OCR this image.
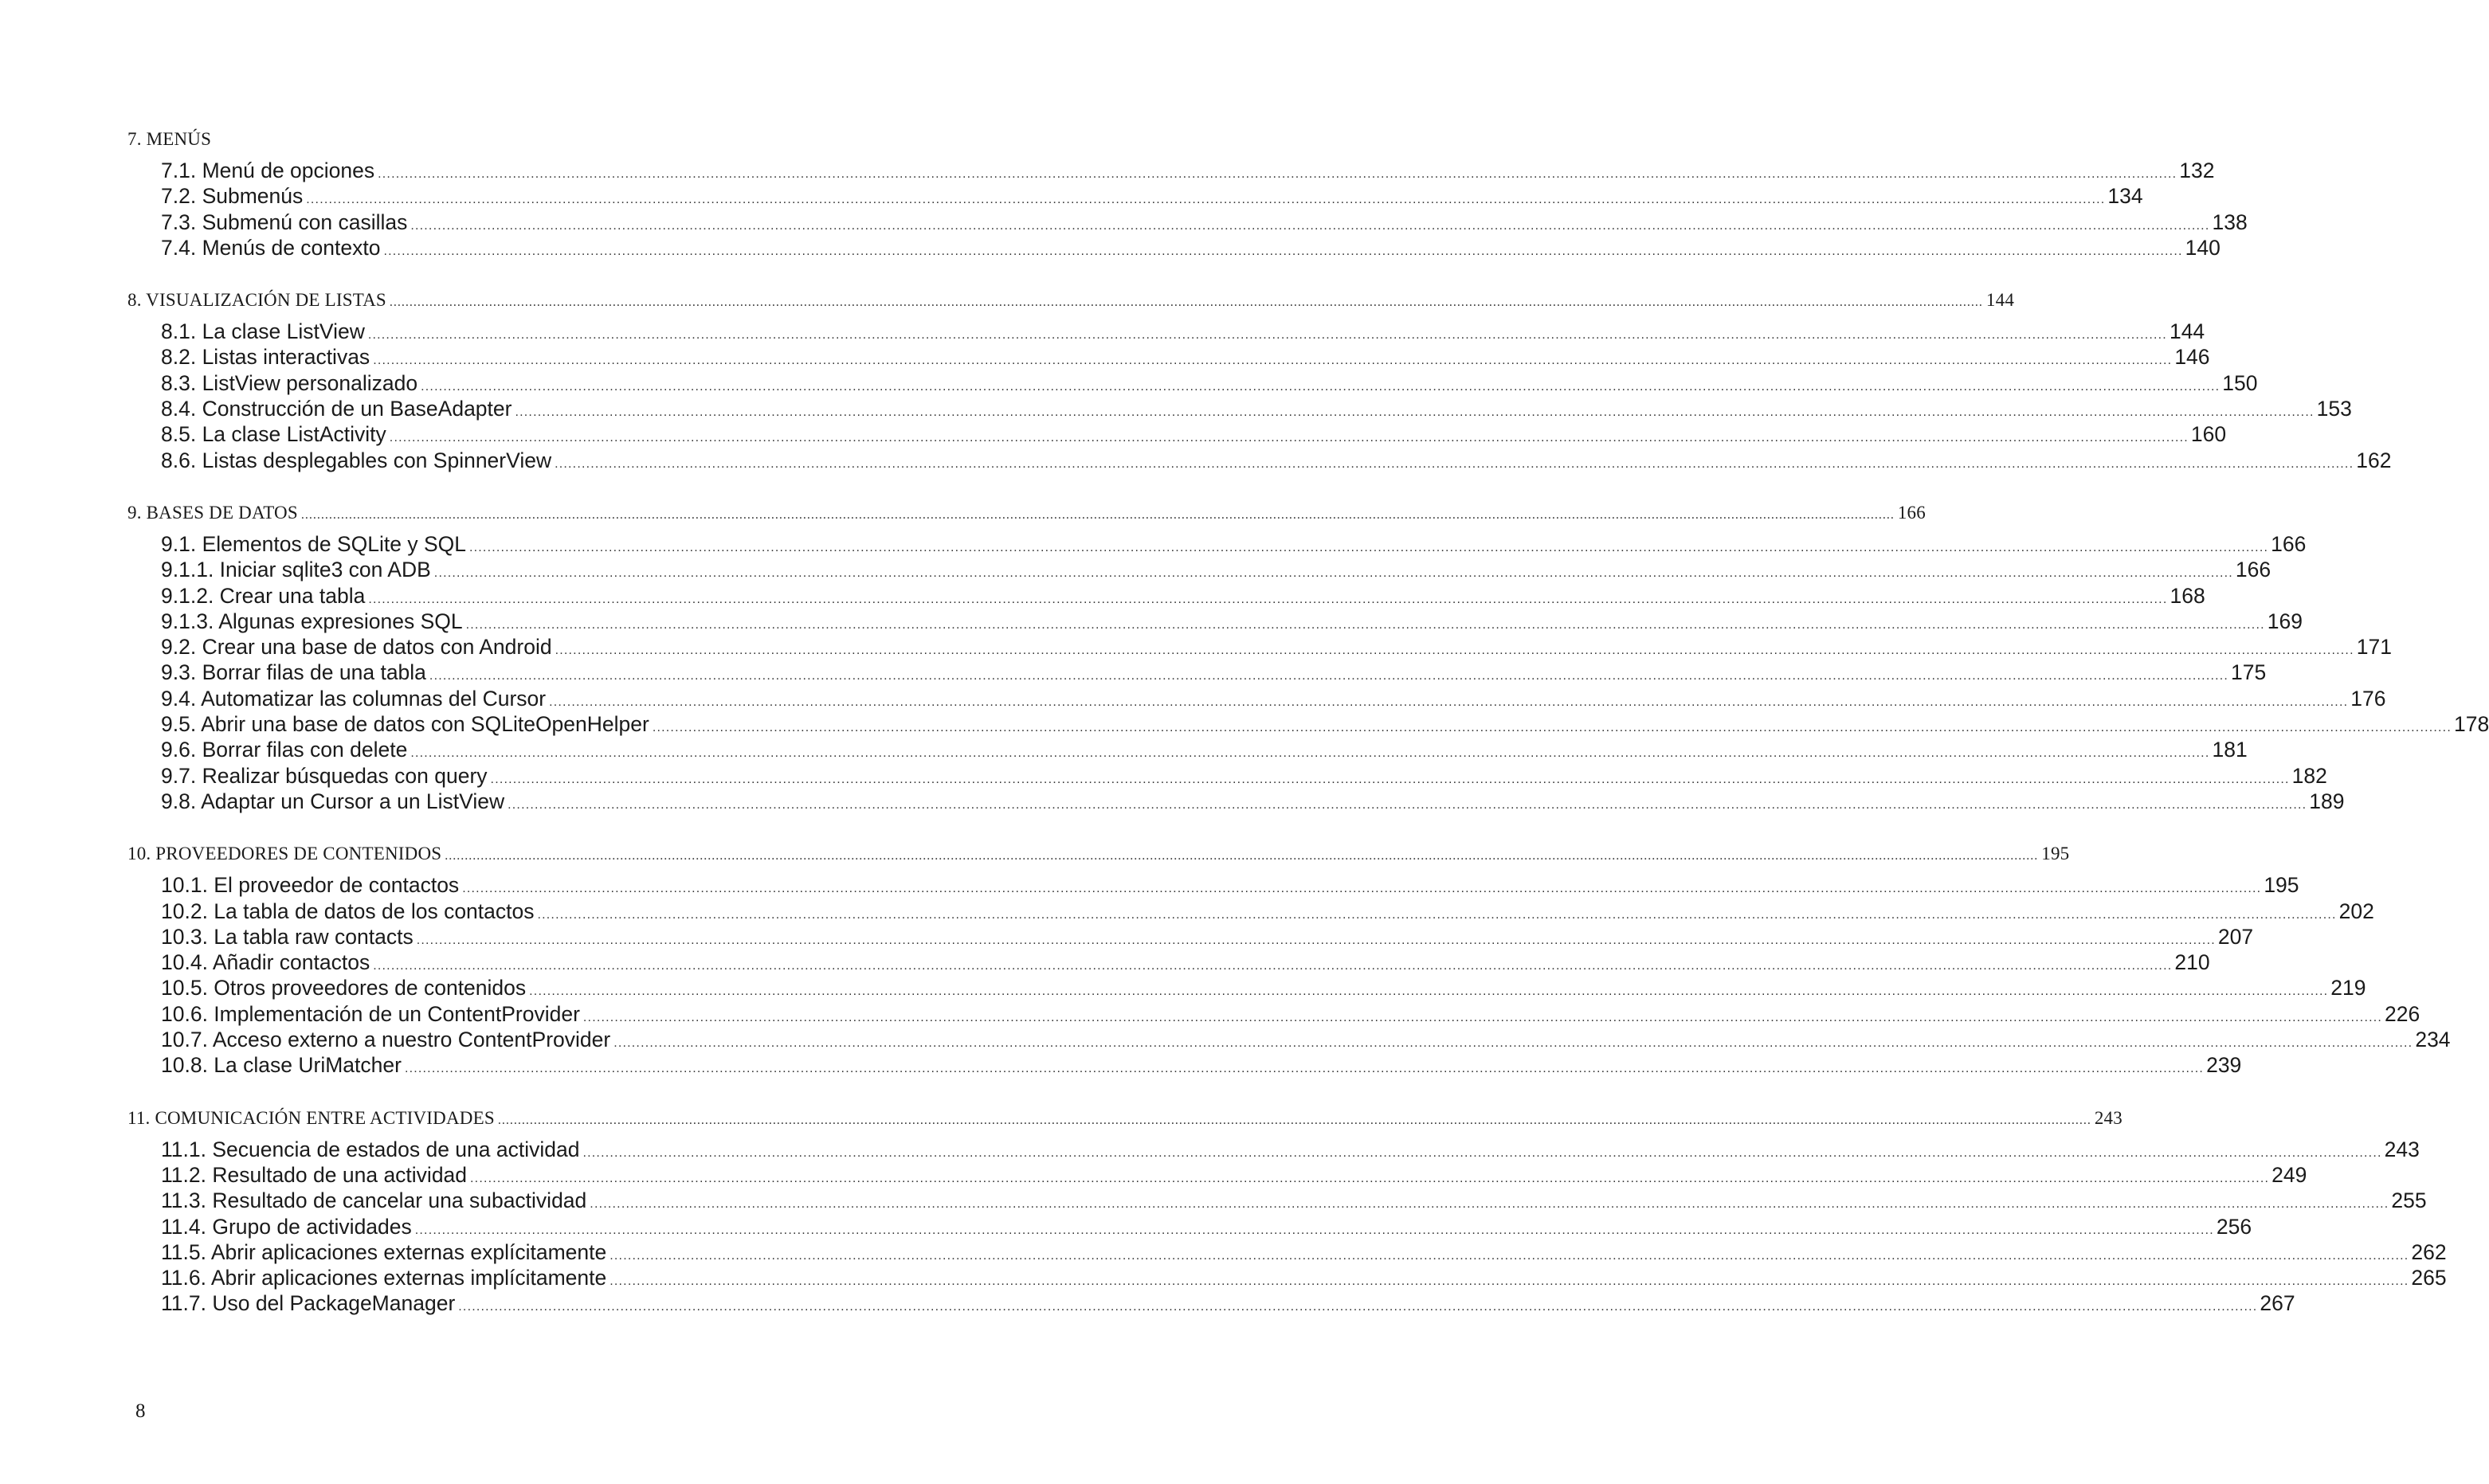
7. MENÚS
7.1. Menú de opciones ................................................................................................................................................................................................................................................................................................................................................................................................................ 132
7.2. Submenús ................................................................................................................................................................................................................................................................................................................................................................................................................ 134
7.3. Submenú con casillas ................................................................................................................................................................................................................................................................................................................................................................................................................ 138
7.4. Menús de contexto ................................................................................................................................................................................................................................................................................................................................................................................................................ 140
8. VISUALIZACIÓN DE LISTAS ................................................................................................................................................................................................................................................................................................................................................................................................................ 144
8.1. La clase ListView ................................................................................................................................................................................................................................................................................................................................................................................................................ 144
8.2. Listas interactivas ................................................................................................................................................................................................................................................................................................................................................................................................................ 146
8.3. ListView personalizado ................................................................................................................................................................................................................................................................................................................................................................................................................ 150
8.4. Construcción de un BaseAdapter ................................................................................................................................................................................................................................................................................................................................................................................................................ 153
8.5. La clase ListActivity ................................................................................................................................................................................................................................................................................................................................................................................................................ 160
8.6. Listas desplegables con SpinnerView ................................................................................................................................................................................................................................................................................................................................................................................................................ 162
9. BASES DE DATOS ................................................................................................................................................................................................................................................................................................................................................................................................................ 166
9.1. Elementos de SQLite y SQL ................................................................................................................................................................................................................................................................................................................................................................................................................ 166
9.1.1. Iniciar sqlite3 con ADB ................................................................................................................................................................................................................................................................................................................................................................................................................ 166
9.1.2. Crear una tabla ................................................................................................................................................................................................................................................................................................................................................................................................................ 168
9.1.3. Algunas expresiones SQL ................................................................................................................................................................................................................................................................................................................................................................................................................ 169
9.2. Crear una base de datos con Android ................................................................................................................................................................................................................................................................................................................................................................................................................ 171
9.3. Borrar filas de una tabla ................................................................................................................................................................................................................................................................................................................................................................................................................ 175
9.4. Automatizar las columnas del Cursor ................................................................................................................................................................................................................................................................................................................................................................................................................ 176
9.5. Abrir una base de datos con SQLiteOpenHelper ................................................................................................................................................................................................................................................................................................................................................................................................................ 178
9.6. Borrar filas con delete ................................................................................................................................................................................................................................................................................................................................................................................................................ 181
9.7. Realizar búsquedas con query ................................................................................................................................................................................................................................................................................................................................................................................................................ 182
9.8. Adaptar un Cursor a un ListView ................................................................................................................................................................................................................................................................................................................................................................................................................ 189
10. PROVEEDORES DE CONTENIDOS ................................................................................................................................................................................................................................................................................................................................................................................................................ 195
10.1. El proveedor de contactos ................................................................................................................................................................................................................................................................................................................................................................................................................ 195
10.2. La tabla de datos de los contactos ................................................................................................................................................................................................................................................................................................................................................................................................................ 202
10.3. La tabla raw contacts ................................................................................................................................................................................................................................................................................................................................................................................................................ 207
10.4. Añadir contactos ................................................................................................................................................................................................................................................................................................................................................................................................................ 210
10.5. Otros proveedores de contenidos ................................................................................................................................................................................................................................................................................................................................................................................................................ 219
10.6. Implementación de un ContentProvider ................................................................................................................................................................................................................................................................................................................................................................................................................ 226
10.7. Acceso externo a nuestro ContentProvider ................................................................................................................................................................................................................................................................................................................................................................................................................ 234
10.8. La clase UriMatcher ................................................................................................................................................................................................................................................................................................................................................................................................................ 239
11. COMUNICACIÓN ENTRE ACTIVIDADES ................................................................................................................................................................................................................................................................................................................................................................................................................ 243
11.1. Secuencia de estados de una actividad ................................................................................................................................................................................................................................................................................................................................................................................................................ 243
11.2. Resultado de una actividad ................................................................................................................................................................................................................................................................................................................................................................................................................ 249
11.3. Resultado de cancelar una subactividad ................................................................................................................................................................................................................................................................................................................................................................................................................ 255
11.4. Grupo de actividades ................................................................................................................................................................................................................................................................................................................................................................................................................ 256
11.5. Abrir aplicaciones externas explícitamente ................................................................................................................................................................................................................................................................................................................................................................................................................ 262
11.6. Abrir aplicaciones externas implícitamente ................................................................................................................................................................................................................................................................................................................................................................................................................ 265
11.7. Uso del PackageManager ................................................................................................................................................................................................................................................................................................................................................................................................................ 267
8
